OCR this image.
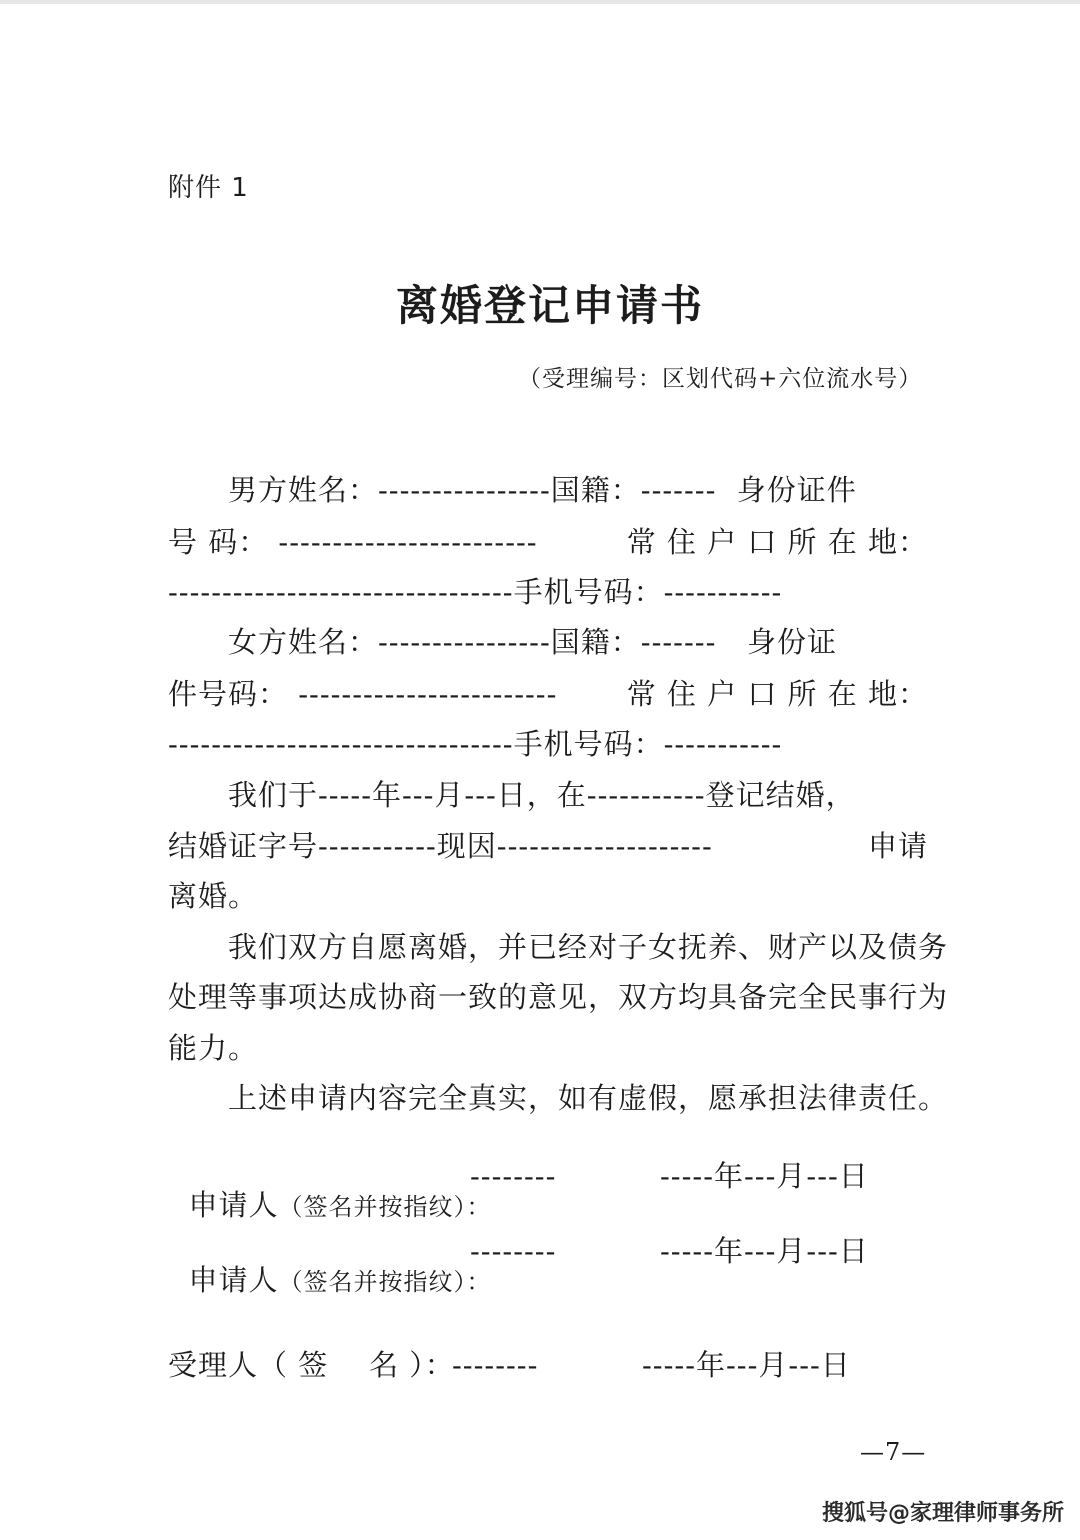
附件 1
离婚登记申请书
（受理编号：区划代码+六位流水号）
男方姓名：----------------国籍：-------  身份证件
号 码： ------------------------	常 住 户 口 所 在 地：
--------------------------------手机号码：-----------
女方姓名：----------------国籍：-------   身份证
件号码： ------------------------ 常 住 户 口 所 在 地：
--------------------------------手机号码：-----------
我们于-----年---月---日，在-----------登记结婚，
结婚证字号-----------现因--------------------	申请
离婚。
我们双方自愿离婚，并已经对子女抚养、财产以及债务
处理等事项达成协商一致的意见，双方均具备完全民事行为
能力。
上述申请内容完全真实，如有虚假，愿承担法律责任。

申请人（签名并按指纹）：

--------	-----年---月---日

申请人（签名并按指纹）：

--------	-----年---月---日
受理人（ 签    名 ）：
--------	-----年---月---日
—7—
搜狐号@家理律师事务所
